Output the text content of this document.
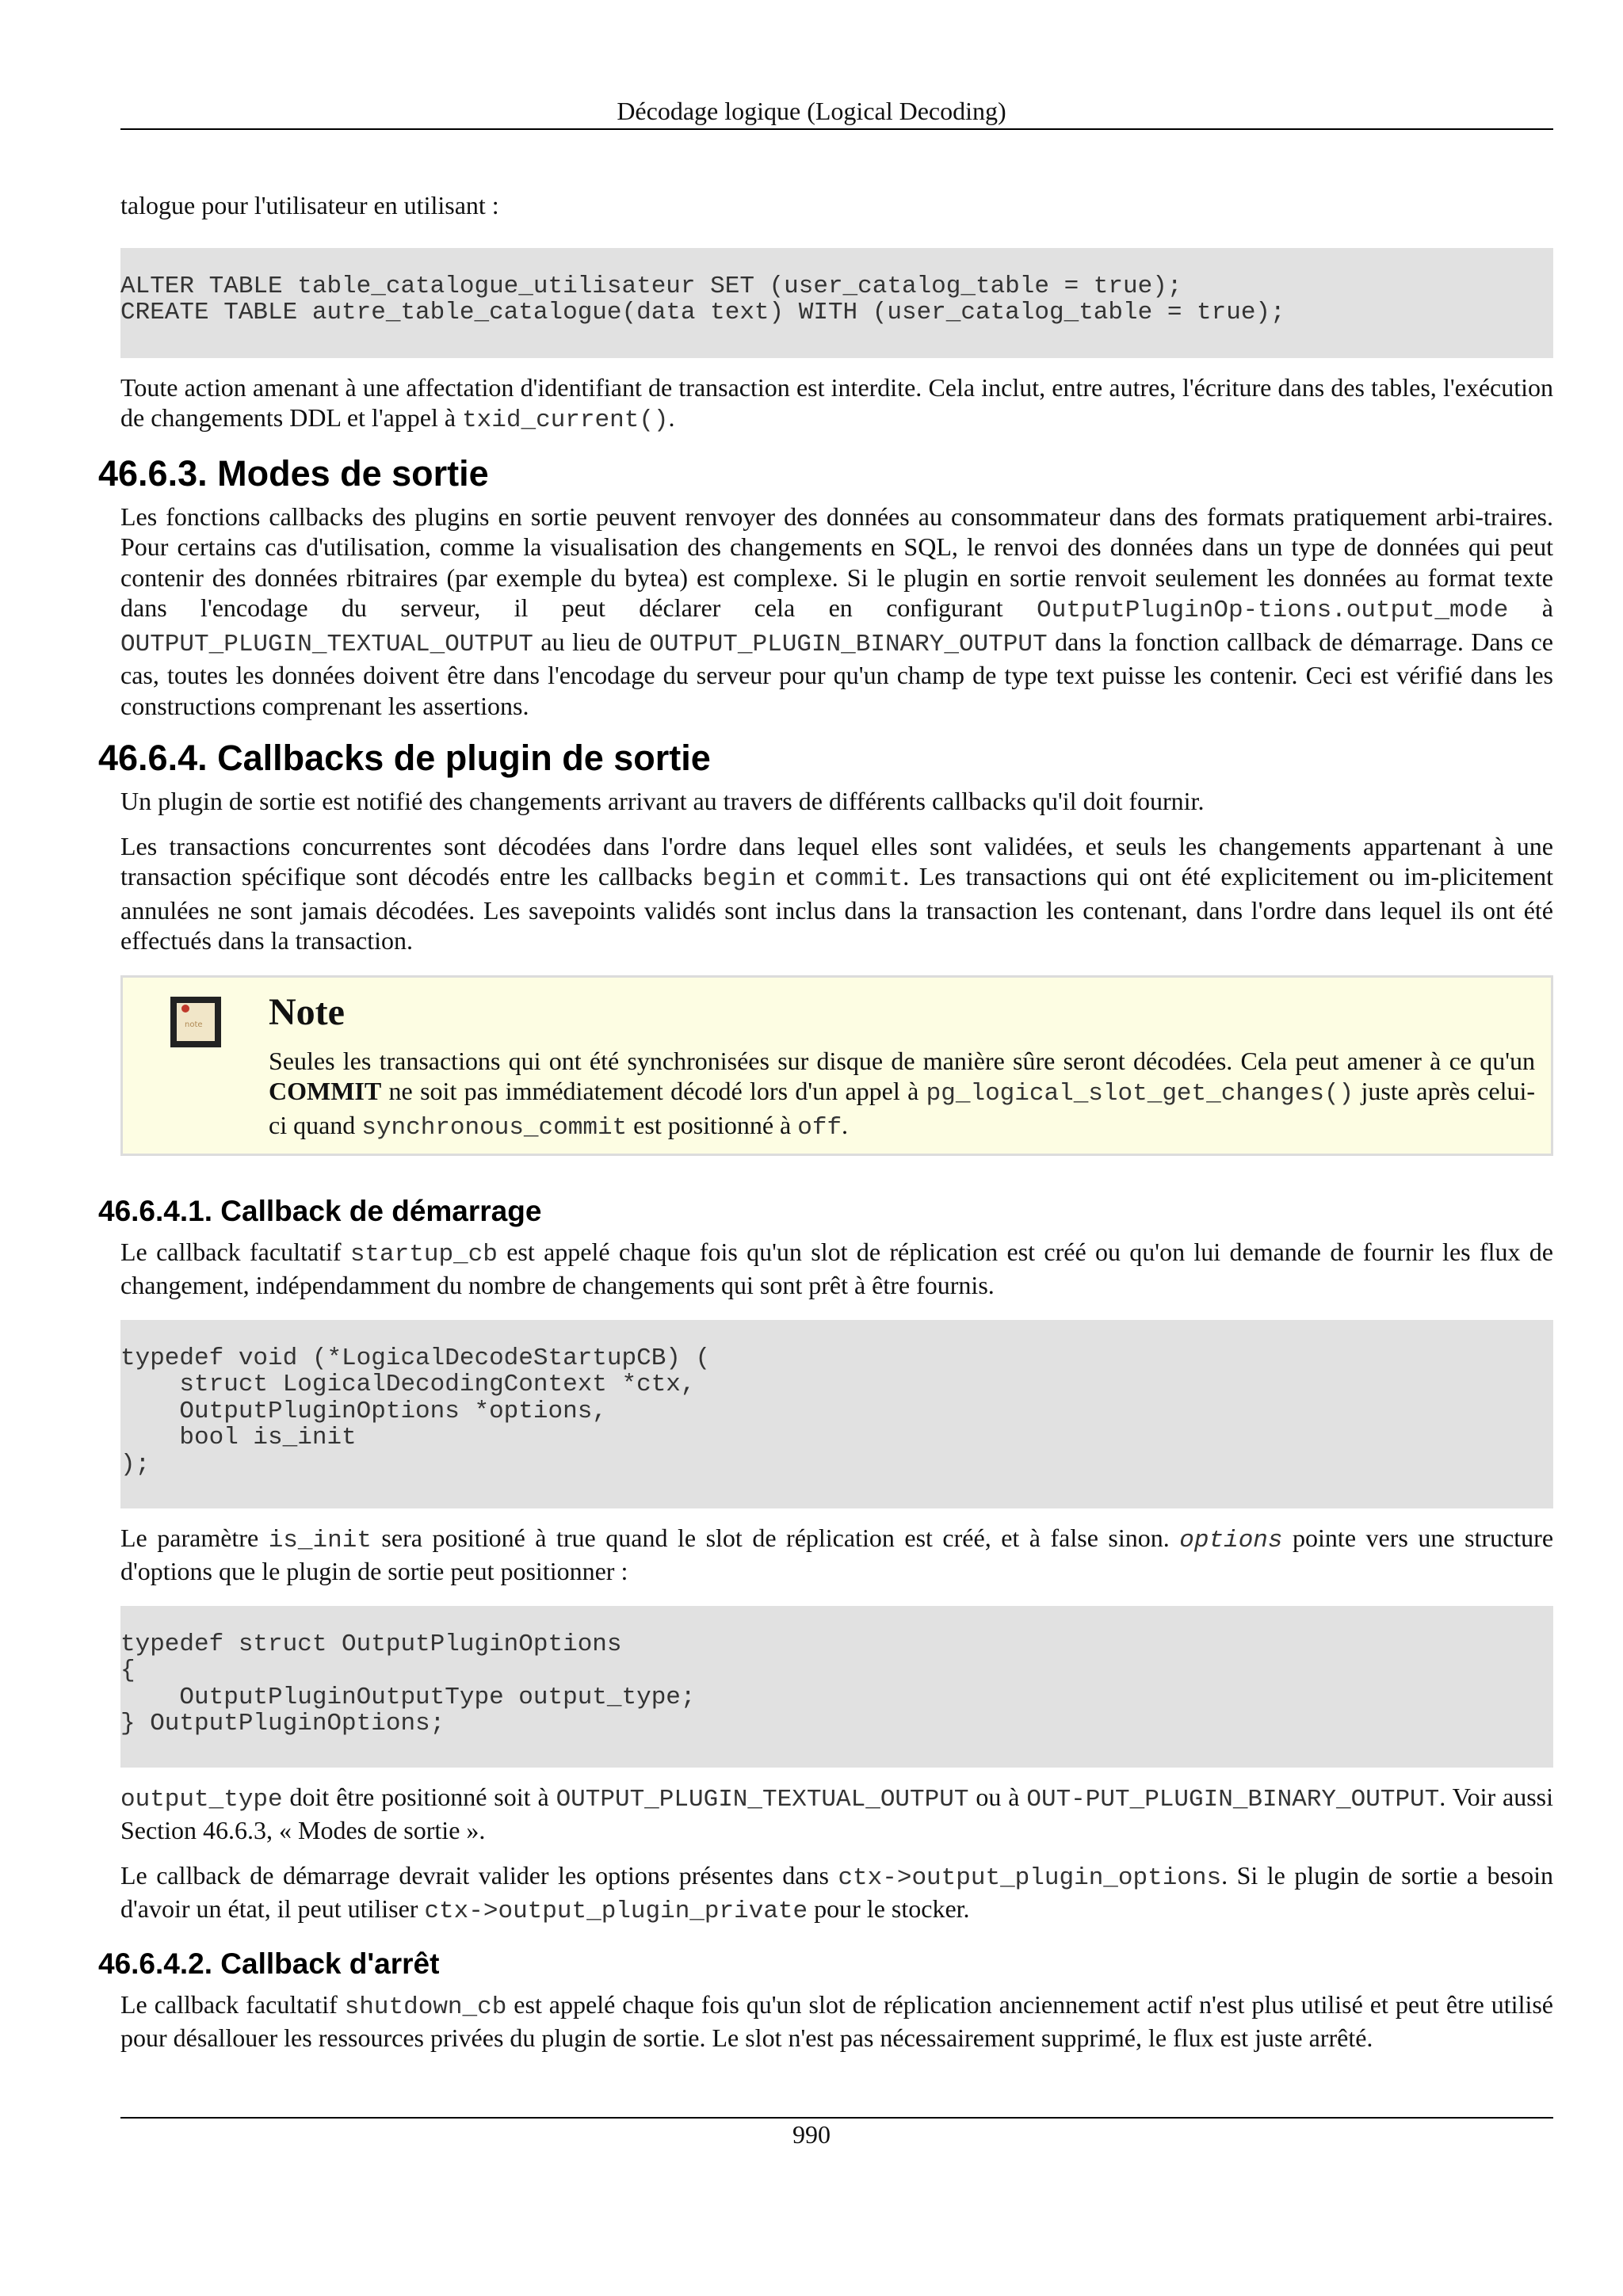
Décodage logique (Logical Decoding)

talogue pour l'utilisateur en utilisant :

ALTER TABLE table_catalogue_utilisateur SET (user_catalog_table = true);
CREATE TABLE autre_table_catalogue(data text) WITH (user_catalog_table = true);

Toute action amenant à une affectation d'identifiant de transaction est interdite. Cela inclut, entre autres, l'écriture dans des tables, l'exécution de changements DDL et l'appel à txid_current().

46.6.3. Modes de sortie

Les fonctions callbacks des plugins en sortie peuvent renvoyer des données au consommateur dans des formats pratiquement arbi-traires. Pour certains cas d'utilisation, comme la visualisation des changements en SQL, le renvoi des données dans un type de données qui peut contenir des données rbitraires (par exemple du bytea) est complexe. Si le plugin en sortie renvoit seulement les données au format texte dans l'encodage du serveur, il peut déclarer cela en configurant OutputPluginOp-tions.output_mode à OUTPUT_PLUGIN_TEXTUAL_OUTPUT au lieu de OUTPUT_PLUGIN_BINARY_OUTPUT dans la fonction callback de démarrage. Dans ce cas, toutes les données doivent être dans l'encodage du serveur pour qu'un champ de type text puisse les contenir. Ceci est vérifié dans les constructions comprenant les assertions.

46.6.4. Callbacks de plugin de sortie

Un plugin de sortie est notifié des changements arrivant au travers de différents callbacks qu'il doit fournir.

Les transactions concurrentes sont décodées dans l'ordre dans lequel elles sont validées, et seuls les changements appartenant à une transaction spécifique sont décodés entre les callbacks begin et commit. Les transactions qui ont été explicitement ou im-plicitement annulées ne sont jamais décodées. Les savepoints validés sont inclus dans la transaction les contenant, dans l'ordre dans lequel ils ont été effectués dans la transaction.

note Note

Seules les transactions qui ont été synchronisées sur disque de manière sûre seront décodées. Cela peut amener à ce qu'un COMMIT ne soit pas immédiatement décodé lors d'un appel à pg_logical_slot_get_changes() juste après celui-ci quand synchronous_commit est positionné à off.

46.6.4.1. Callback de démarrage

Le callback facultatif startup_cb est appelé chaque fois qu'un slot de réplication est créé ou qu'on lui demande de fournir les flux de changement, indépendamment du nombre de changements qui sont prêt à être fournis.

typedef void (*LogicalDecodeStartupCB) (
struct LogicalDecodingContext *ctx,
OutputPluginOptions *options,
bool is_init
);

Le paramètre is_init sera positioné à true quand le slot de réplication est créé, et à false sinon. options pointe vers une structure d'options que le plugin de sortie peut positionner :

typedef struct OutputPluginOptions
{
OutputPluginOutputType output_type;
} OutputPluginOptions;

output_type doit être positionné soit à OUTPUT_PLUGIN_TEXTUAL_OUTPUT ou à OUT-PUT_PLUGIN_BINARY_OUTPUT. Voir aussi Section 46.6.3, « Modes de sortie ».

Le callback de démarrage devrait valider les options présentes dans ctx->output_plugin_options. Si le plugin de sortie a besoin d'avoir un état, il peut utiliser ctx->output_plugin_private pour le stocker.

46.6.4.2. Callback d'arrêt

Le callback facultatif shutdown_cb est appelé chaque fois qu'un slot de réplication anciennement actif n'est plus utilisé et peut être utilisé pour désallouer les ressources privées du plugin de sortie. Le slot n'est pas nécessairement supprimé, le flux est juste arrêté.

990
